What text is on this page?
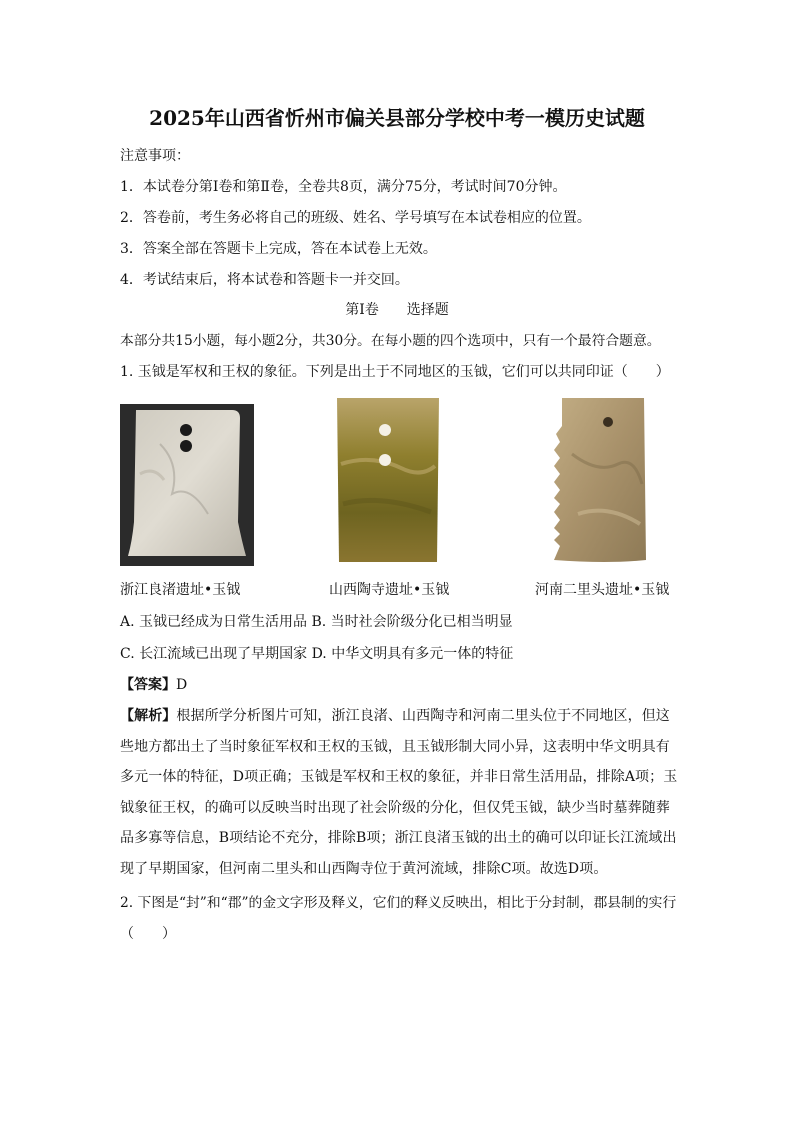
2025年山西省忻州市偏关县部分学校中考一模历史试题
注意事项：
1．本试卷分第Ⅰ卷和第Ⅱ卷，全卷共8页，满分75分，考试时间70分钟。
2．答卷前，考生务必将自己的班级、姓名、学号填写在本试卷相应的位置。
3．答案全部在答题卡上完成，答在本试卷上无效。
4．考试结束后，将本试卷和答题卡一并交回。
第Ⅰ卷　　选择题
本部分共15小题，每小题2分，共30分。在每小题的四个选项中，只有一个最符合题意。
1. 玉钺是军权和王权的象征。下列是出土于不同地区的玉钺，它们可以共同印证（　　）
浙江良渚遗址•玉钺	山西陶寺遗址•玉钺	河南二里头遗址•玉钺
A. 玉钺已经成为日常生活用品 B. 当时社会阶级分化已相当明显
C. 长江流域已出现了早期国家 D. 中华文明具有多元一体的特征
【答案】D
【解析】根据所学分析图片可知，浙江良渚、山西陶寺和河南二里头位于不同地区，但这些地方都出土了当时象征军权和王权的玉钺，且玉钺形制大同小异，这表明中华文明具有多元一体的特征，D项正确；玉钺是军权和王权的象征，并非日常生活用品，排除A项；玉钺象征王权，的确可以反映当时出现了社会阶级的分化，但仅凭玉钺，缺少当时墓葬随葬品多寡等信息，B项结论不充分，排除B项；浙江良渚玉钺的出土的确可以印证长江流域出现了早期国家，但河南二里头和山西陶寺位于黄河流域，排除C项。故选D项。
2. 下图是“封”和“郡”的金文字形及释义，它们的释义反映出，相比于分封制，郡县制的实行
（　　）
